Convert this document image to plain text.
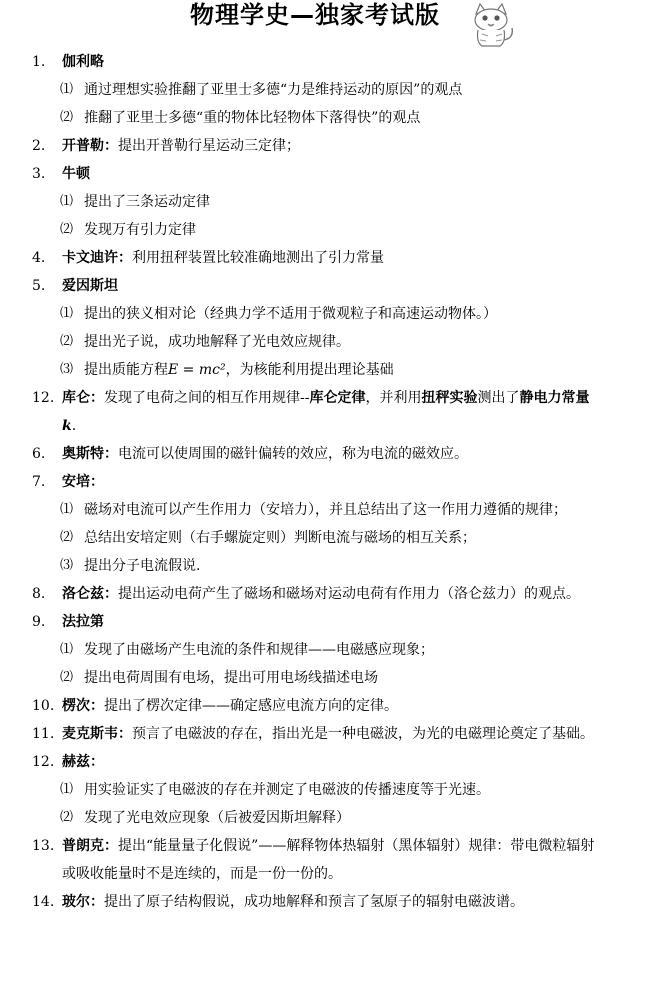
物理学史—独家考试版
1.	伽利略
⑴ 通过理想实验推翻了亚里士多德“力是维持运动的原因”的观点
⑵ 推翻了亚里士多德“重的物体比轻物体下落得快”的观点
2.	开普勒：提出开普勒行星运动三定律；
3.	牛顿
⑴ 提出了三条运动定律
⑵ 发现万有引力定律
4.	卡文迪许：利用扭秤装置比较准确地测出了引力常量
5.	爱因斯坦
⑴ 提出的狭义相对论（经典力学不适用于微观粒子和高速运动物体。）
⑵ 提出光子说，成功地解释了光电效应规律。
⑶ 提出质能方程E = mc²，为核能利用提出理论基础
12. 库仑：发现了电荷之间的相互作用规律--库仑定律，并利用扭秤实验测出了静电力常量k.
6.	奥斯特：电流可以使周围的磁针偏转的效应，称为电流的磁效应。
7.	安培：
⑴ 磁场对电流可以产生作用力（安培力），并且总结出了这一作用力遵循的规律；
⑵ 总结出安培定则（右手螺旋定则）判断电流与磁场的相互关系；
⑶ 提出分子电流假说.
8.	洛仑兹：提出运动电荷产生了磁场和磁场对运动电荷有作用力（洛仑兹力）的观点。
9.	法拉第
⑴ 发现了由磁场产生电流的条件和规律——电磁感应现象；
⑵ 提出电荷周围有电场，提出可用电场线描述电场
10. 楞次：提出了楞次定律——确定感应电流方向的定律。
11. 麦克斯韦：预言了电磁波的存在，指出光是一种电磁波，为光的电磁理论奠定了基础。
12. 赫兹：
⑴ 用实验证实了电磁波的存在并测定了电磁波的传播速度等于光速。
⑵ 发现了光电效应现象（后被爱因斯坦解释）
13. 普朗克：提出“能量量子化假说”——解释物体热辐射（黑体辐射）规律：带电微粒辐射或吸收能量时不是连续的，而是一份一份的。
14. 玻尔：提出了原子结构假说，成功地解释和预言了氢原子的辐射电磁波谱。
